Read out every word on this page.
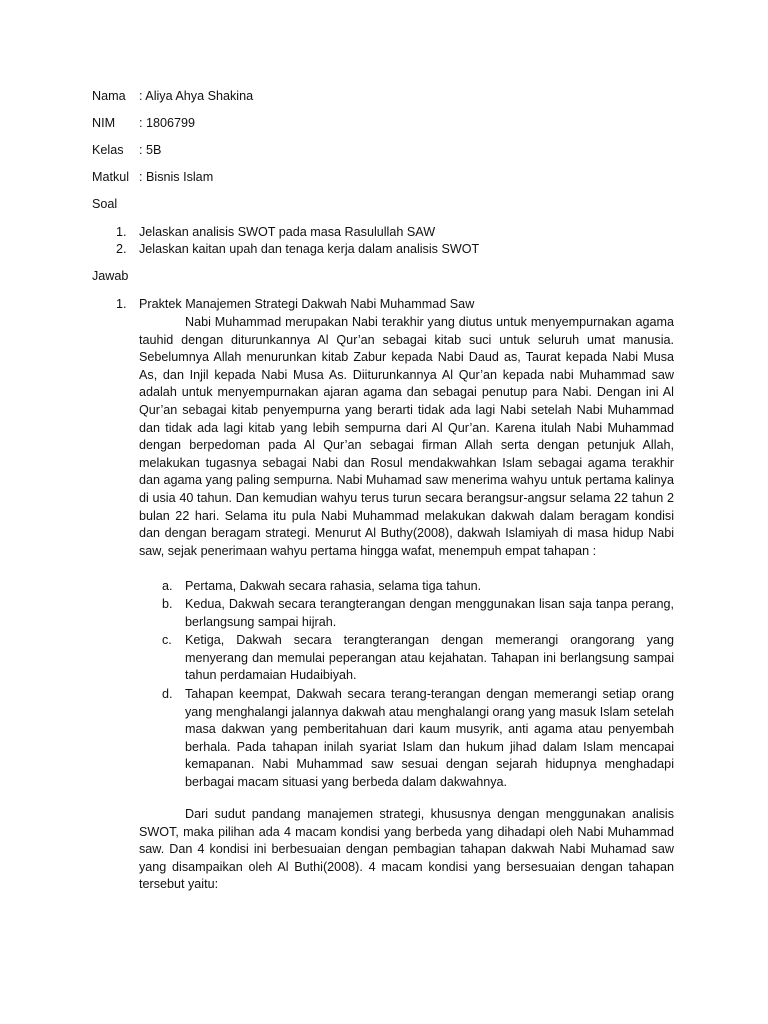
Nama : Aliya Ahya Shakina
NIM : 1806799
Kelas : 5B
Matkul : Bisnis Islam
Soal
1. Jelaskan analisis SWOT pada masa Rasulullah SAW
2. Jelaskan kaitan upah dan tenaga kerja dalam analisis SWOT
Jawab
1. Praktek Manajemen Strategi Dakwah Nabi Muhammad Saw

Nabi Muhammad merupakan Nabi terakhir yang diutus untuk menyempurnakan agama tauhid dengan diturunkannya Al Qur’an sebagai kitab suci untuk seluruh umat manusia. Sebelumnya Allah menurunkan kitab Zabur kepada Nabi Daud as, Taurat kepada Nabi Musa As, dan Injil kepada Nabi Musa As. Diiturunkannya Al Qur’an kepada nabi Muhammad saw adalah untuk menyempurnakan ajaran agama dan sebagai penutup para Nabi. Dengan ini Al Qur’an sebagai kitab penyempurna yang berarti tidak ada lagi Nabi setelah Nabi Muhammad dan tidak ada lagi kitab yang lebih sempurna dari Al Qur’an. Karena itulah Nabi Muhammad dengan berpedoman pada Al Qur’an sebagai firman Allah serta dengan petunjuk Allah, melakukan tugasnya sebagai Nabi dan Rosul mendakwahkan Islam sebagai agama terakhir dan agama yang paling sempurna. Nabi Muhamad saw menerima wahyu untuk pertama kalinya di usia 40 tahun. Dan kemudian wahyu terus turun secara berangsur-angsur selama 22 tahun 2 bulan 22 hari. Selama itu pula Nabi Muhammad melakukan dakwah dalam beragam kondisi dan dengan beragam strategi. Menurut Al Buthy(2008), dakwah Islamiyah di masa hidup Nabi saw, sejak penerimaan wahyu pertama hingga wafat, menempuh empat tahapan :

a. Pertama, Dakwah secara rahasia, selama tiga tahun.
b. Kedua, Dakwah secara terangteranga​n dengan menggunakan lisan saja tanpa perang, berlangsung sampai hijrah.
c. Ketiga, Dakwah secara terangterangan dengan memerangi orangorang yang menyerang dan memulai peperangan atau kejahatan. Tahapan ini berlangsung sampai tahun perdamaian Hudaibiyah.
d. Tahapan keempat, Dakwah secara terang-terangan dengan memerangi setiap orang yang menghalangi jalannya dakwah atau menghalangi orang yang masuk Islam setelah masa dakwan yang pemberitahuan dari kaum musyrik, anti agama atau penyembah berhala. Pada tahapan inilah syariat Islam dan hukum jihad dalam Islam mencapai kemapanan. Nabi Muhammad saw sesuai dengan sejarah hidupnya menghadapi berbagai macam situasi yang berbeda dalam dakwahnya.

Dari sudut pandang manajemen strategi, khususnya dengan menggunakan analisis SWOT, maka pilihan ada 4 macam kondisi yang berbeda yang dihadapi oleh Nabi Muhammad saw. Dan 4 kondisi ini berbesuaian dengan pembagian tahapan dakwah Nabi Muhamad saw yang disampaikan oleh Al Buthi(2008). 4 macam kondisi yang bersesuaian dengan tahapan tersebut yaitu:
